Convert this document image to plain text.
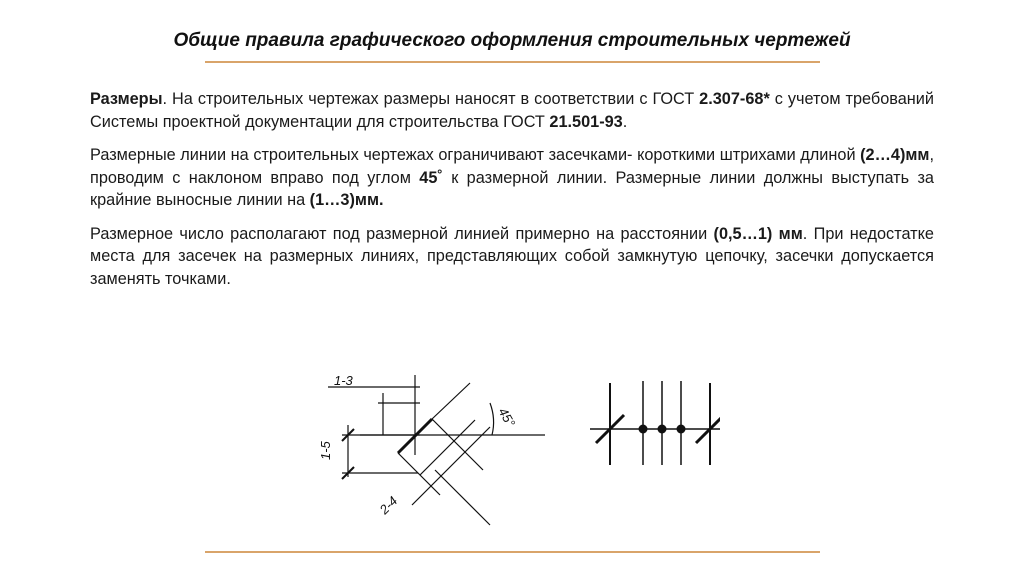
Общие правила графического оформления строительных чертежей

Размеры. На строительных чертежах размеры наносят в соответствии с ГОСТ 2.307-68* с учетом требований Системы проектной документации для строительства ГОСТ 21.501-93.

Размерные линии на строительных чертежах ограничивают засечками- короткими штрихами длиной (2…4)мм, проводим с наклоном вправо под углом 45˚ к размерной линии. Размерные линии должны выступать за крайние выносные линии на (1…3)мм.

Размерное число располагают под размерной линией примерно на расстоянии (0,5…1) мм. При недостатке места для засечек на размерных линиях, представляющих собой замкнутую цепочку, засечки допускается заменять точками.

1-3
1-5
2-4
45°
